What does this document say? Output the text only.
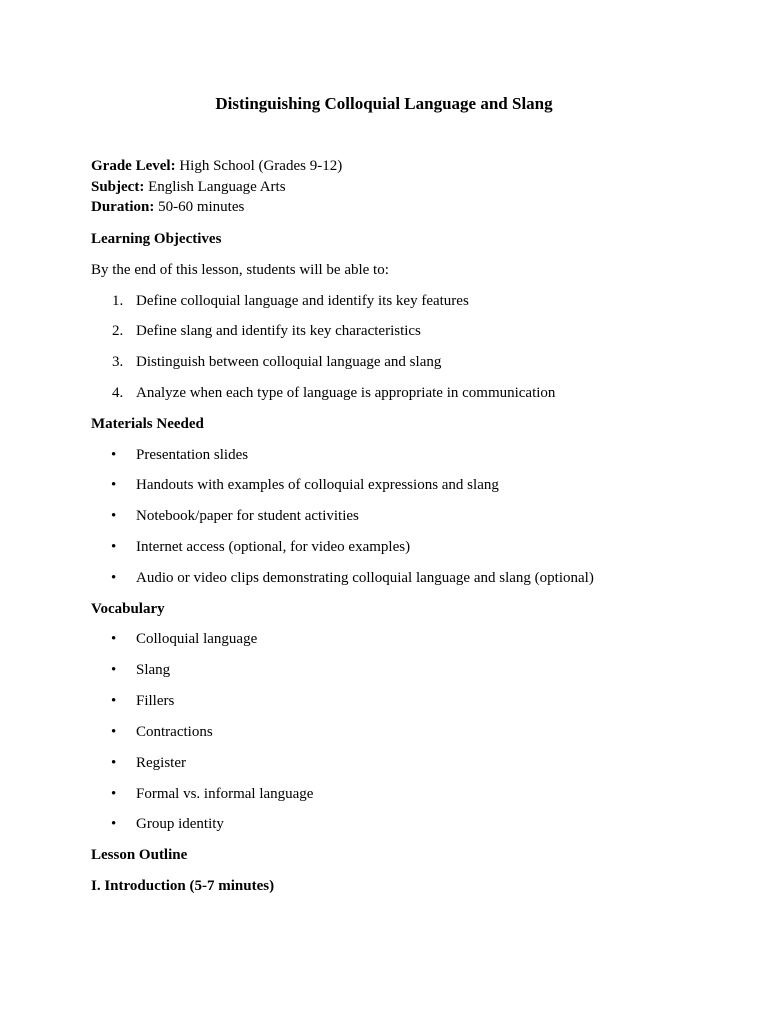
Distinguishing Colloquial Language and Slang
Grade Level: High School (Grades 9-12)
Subject: English Language Arts
Duration: 50-60 minutes
Learning Objectives
By the end of this lesson, students will be able to:
1. Define colloquial language and identify its key features
2. Define slang and identify its key characteristics
3. Distinguish between colloquial language and slang
4. Analyze when each type of language is appropriate in communication
Materials Needed
• Presentation slides
• Handouts with examples of colloquial expressions and slang
• Notebook/paper for student activities
• Internet access (optional, for video examples)
• Audio or video clips demonstrating colloquial language and slang (optional)
Vocabulary
• Colloquial language
• Slang
• Fillers
• Contractions
• Register
• Formal vs. informal language
• Group identity
Lesson Outline
I. Introduction (5-7 minutes)
